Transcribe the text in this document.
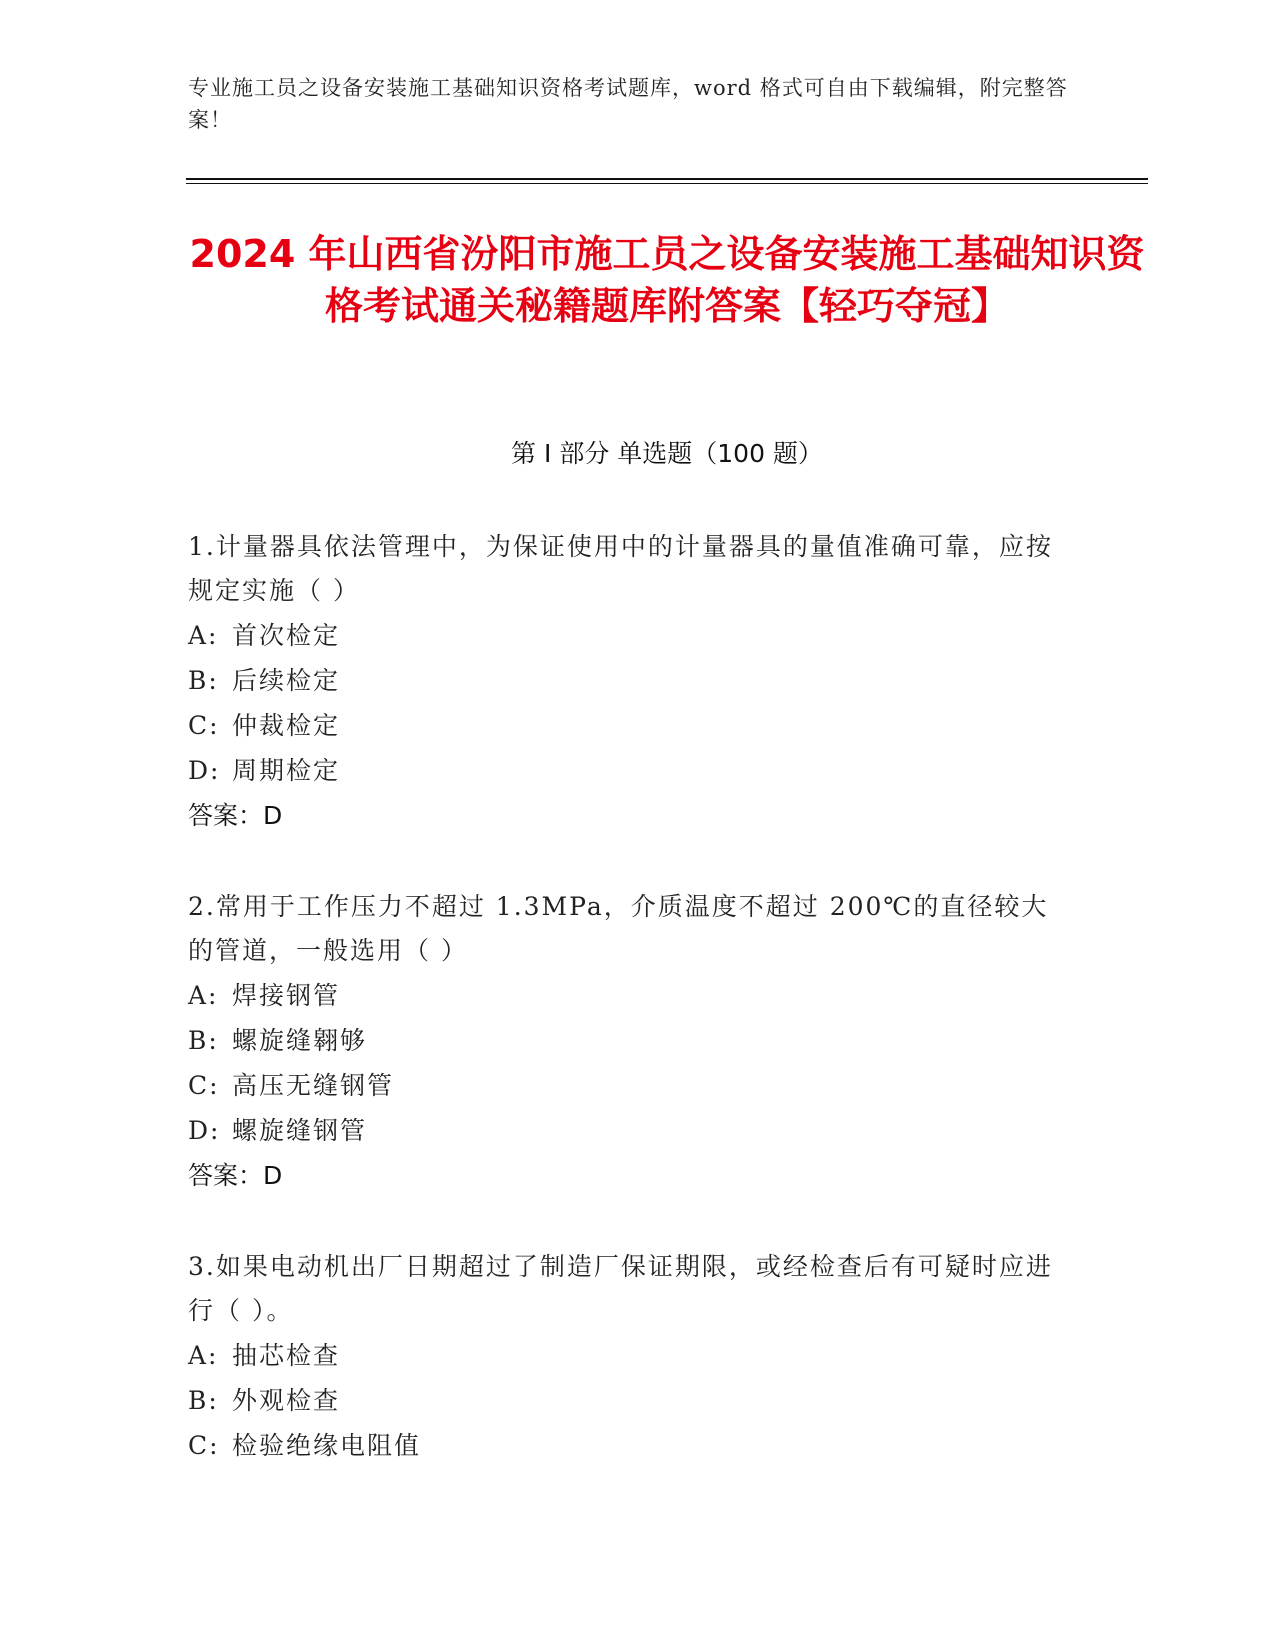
专业施工员之设备安装施工基础知识资格考试题库，word 格式可自由下载编辑，附完整答案！
2024 年山西省汾阳市施工员之设备安装施工基础知识资格考试通关秘籍题库附答案【轻巧夺冠】
第 I 部分 单选题（100 题）

1.计量器具依法管理中，为保证使用中的计量器具的量值准确可靠，应按规定实施（ ）

A: 首次检定

B: 后续检定

C: 仲裁检定

D: 周期检定

答案：D

2.常用于工作压力不超过 1.3MPa，介质温度不超过 200℃的直径较大的管道，一般选用（ ）

A: 焊接钢管

B: 螺旋缝翱够

C: 高压无缝钢管

D: 螺旋缝钢管

答案：D

3.如果电动机出厂日期超过了制造厂保证期限，或经检查后有可疑时应进行（ ）。

A: 抽芯检查

B: 外观检查

C: 检验绝缘电阻值
